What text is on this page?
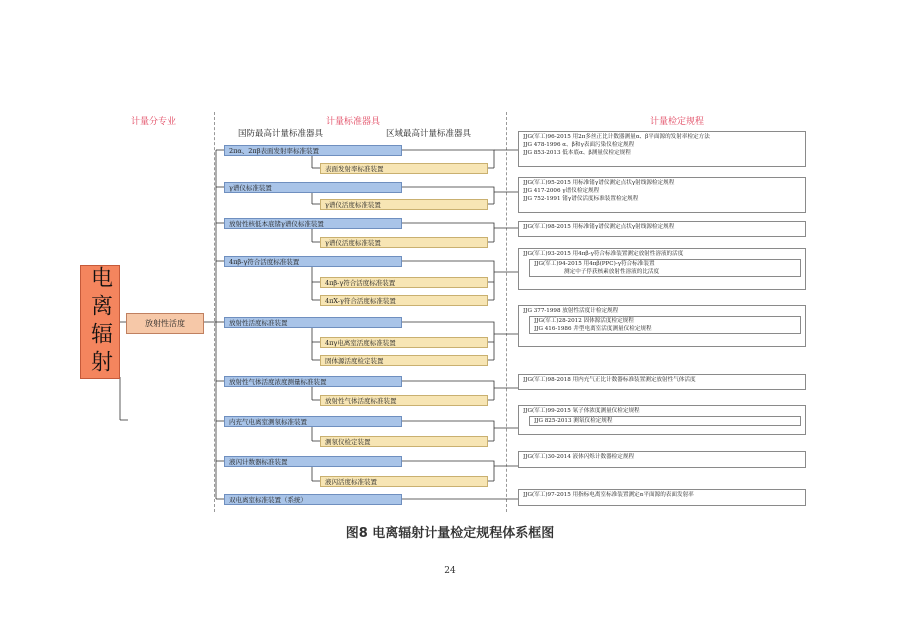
计量分专业	计量标准器具	计量检定规程
国防最高计量标准器具	区域最高计量标准器具
电离辐射	放射性活度
2πα、2πβ表面发射率标准装置
表面发射率标准装置
JJG(军工)96-2015 用2π多丝正比计数器测量α、β平面源的发射率检定方法
JJG 478-1996 α、β和γ表面污染仪检定规程
JJG 853-2013 低本底α、β测量仪检定规程
γ谱仪标准装置
γ谱仪活度标准装置
JJG(军工)95-2015 用标准锗γ谱仪测定点状γ射线源检定规程
JJG 417-2006 γ谱仪检定规程
JJG 752-1991 锗γ谱仪活度标准装置检定规程
放射性核低本底锗γ谱仪标准装置
γ谱仪活度标准装置
JJG(军工)98-2015 用标准锗γ谱仪测定点状γ射线源检定规程
4πβ-γ符合活度标准装置
4πβ-γ符合活度标准装置
4πX-γ符合活度标准装置
JJG(军工)93-2015 用4πβ-γ符合标准装置测定放射性溶液的活度
JJG(军工)94-2015 用4πβ(PPC)-γ符合标准装置
测定中子俘获核素放射性溶液的比活度
放射性活度标准装置
4πγ电离室活度标准装置
固体源活度检定装置
JJG 377-1998 放射性活度计检定规程
JJG(军工)28-2012 固体源活度检定规程
JJG 416-1986 井型电离室活度测量仪检定规程
放射性气体活度浓度测量标准装置
放射性气体活度标准装置
JJG(军工)98-2018 用内充气正比计数器标准装置测定放射性气体活度
内充气电离室测氡标准装置
测氡仪检定装置
JJG(军工)99-2015 氡子体浓度测量仪检定规程
JJG 825-2013 测氡仪检定规程
液闪计数器标准装置
液闪活度标准装置
JJG(军工)30-2014 液体闪烁计数器检定规程
双电离室标准装置（系统）
JJG(军工)97-2015 用指标电离室标准装置测定α平面源的表面发射率
图8 电离辐射计量检定规程体系框图
24
